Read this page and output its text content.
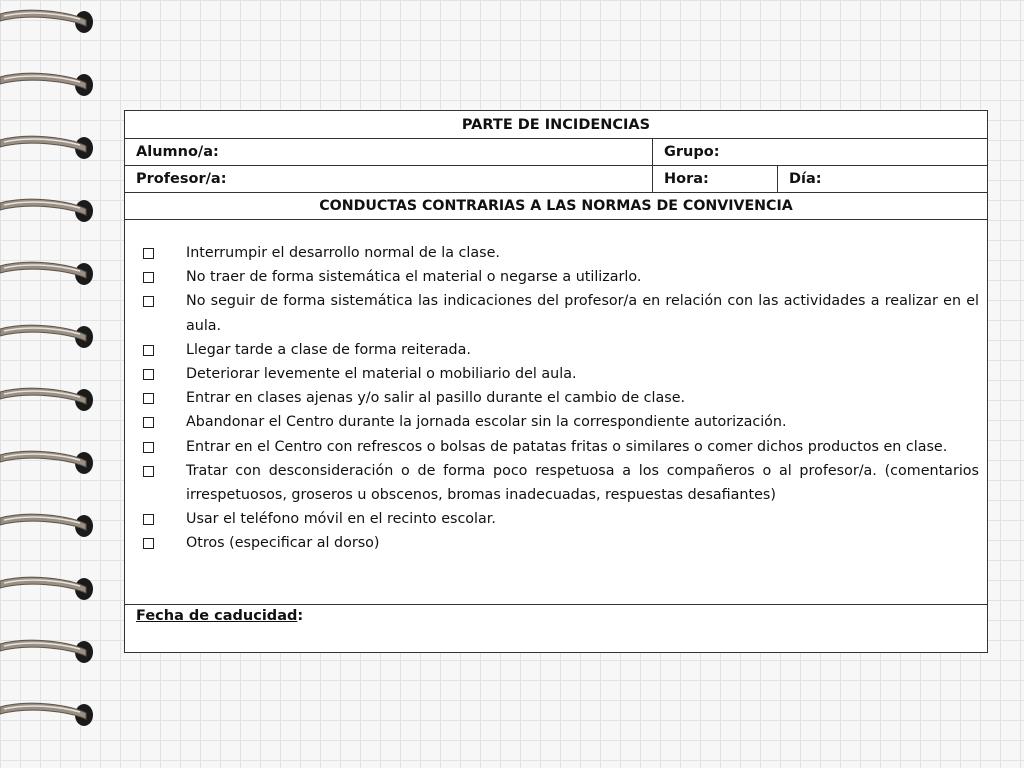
PARTE DE INCIDENCIAS
Alumno/a:	Grupo:
Profesor/a:	Hora:	Día:
CONDUCTAS CONTRARIAS A LAS NORMAS DE CONVIVENCIA
Interrumpir el desarrollo normal de la clase.
No traer de forma sistemática el material o negarse a utilizarlo.
No seguir de forma sistemática las indicaciones del profesor/a en relación con las actividades a realizar en el aula.
Llegar tarde a clase de forma reiterada.
Deteriorar levemente el material o mobiliario del aula.
Entrar en clases ajenas y/o salir al pasillo durante el cambio de clase.
Abandonar el Centro durante la jornada escolar sin la correspondiente autorización.
Entrar en el Centro con refrescos o bolsas de patatas fritas o similares o comer dichos productos en clase.
Tratar con desconsideración o de forma poco respetuosa a los compañeros o al profesor/a. (comentarios irrespetuosos, groseros u obscenos, bromas inadecuadas, respuestas desafiantes)
Usar el teléfono móvil en el recinto escolar.
Otros (especificar al dorso)
Fecha de caducidad:
